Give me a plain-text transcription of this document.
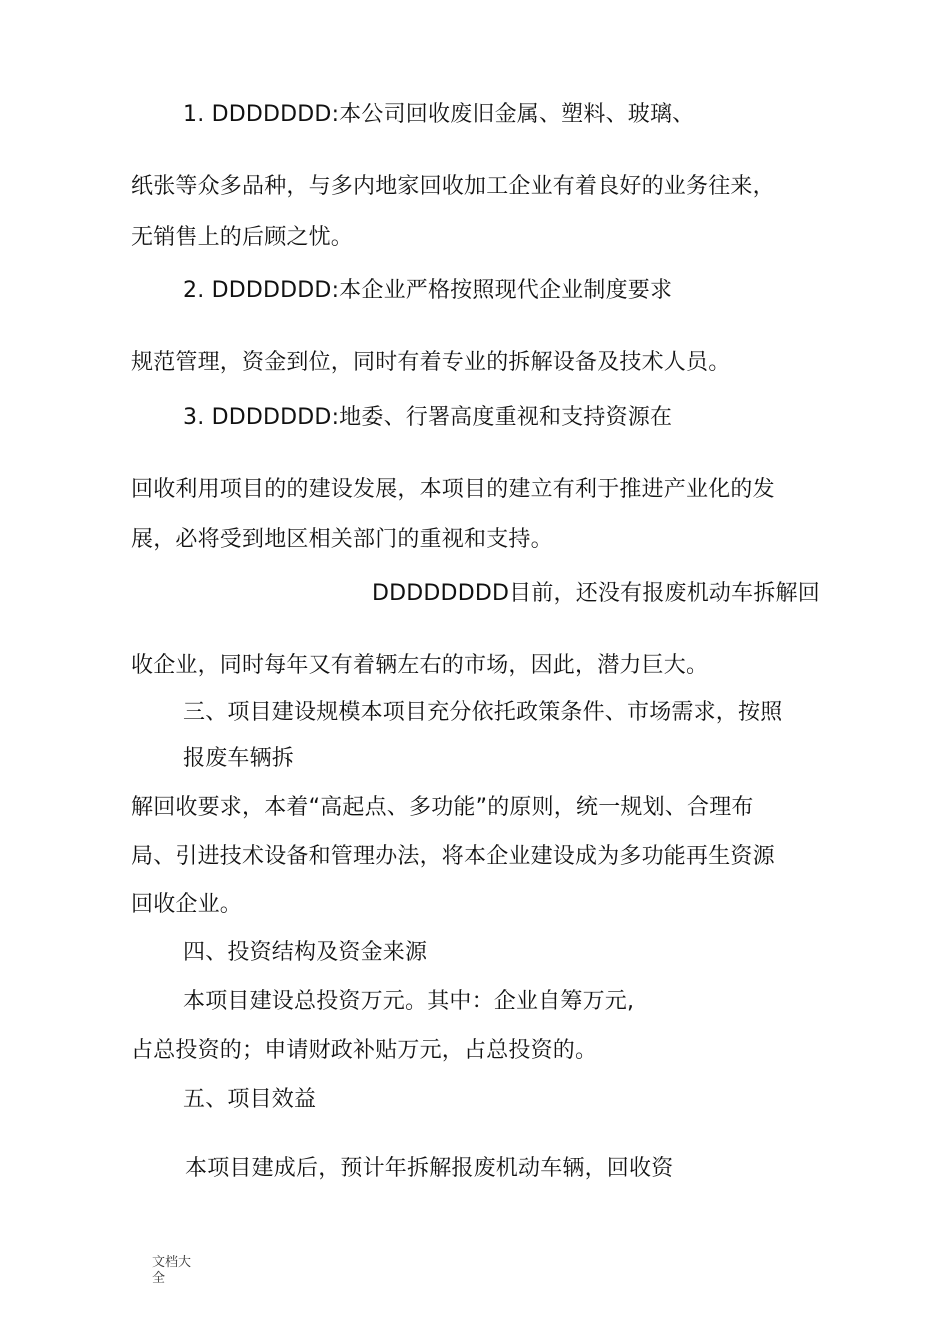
1. DDDDDDD:本公司回收废旧金属、塑料、玻璃、
纸张等众多品种，与多内地家回收加工企业有着良好的业务往来，
无销售上的后顾之忧。
2. DDDDDDD:本企业严格按照现代企业制度要求
规范管理，资金到位，同时有着专业的拆解设备及技术人员。
3. DDDDDDD:地委、行署高度重视和支持资源在
回收利用项目的的建设发展，本项目的建立有利于推进产业化的发
展，必将受到地区相关部门的重视和支持。
DDDDDDDD目前，还没有报废机动车拆解回
收企业，同时每年又有着辆左右的市场，因此，潜力巨大。
三、项目建设规模本项目充分依托政策条件、市场需求，按照
报废车辆拆
解回收要求，本着“高起点、多功能”的原则，统一规划、合理布
局、引进技术设备和管理办法，将本企业建设成为多功能再生资源
回收企业。
四、投资结构及资金来源
本项目建设总投资万元。其中：企业自筹万元,
占总投资的；申请财政补贴万元，占总投资的。
五、项目效益
本项目建成后，预计年拆解报废机动车辆，回收资
文档大全
